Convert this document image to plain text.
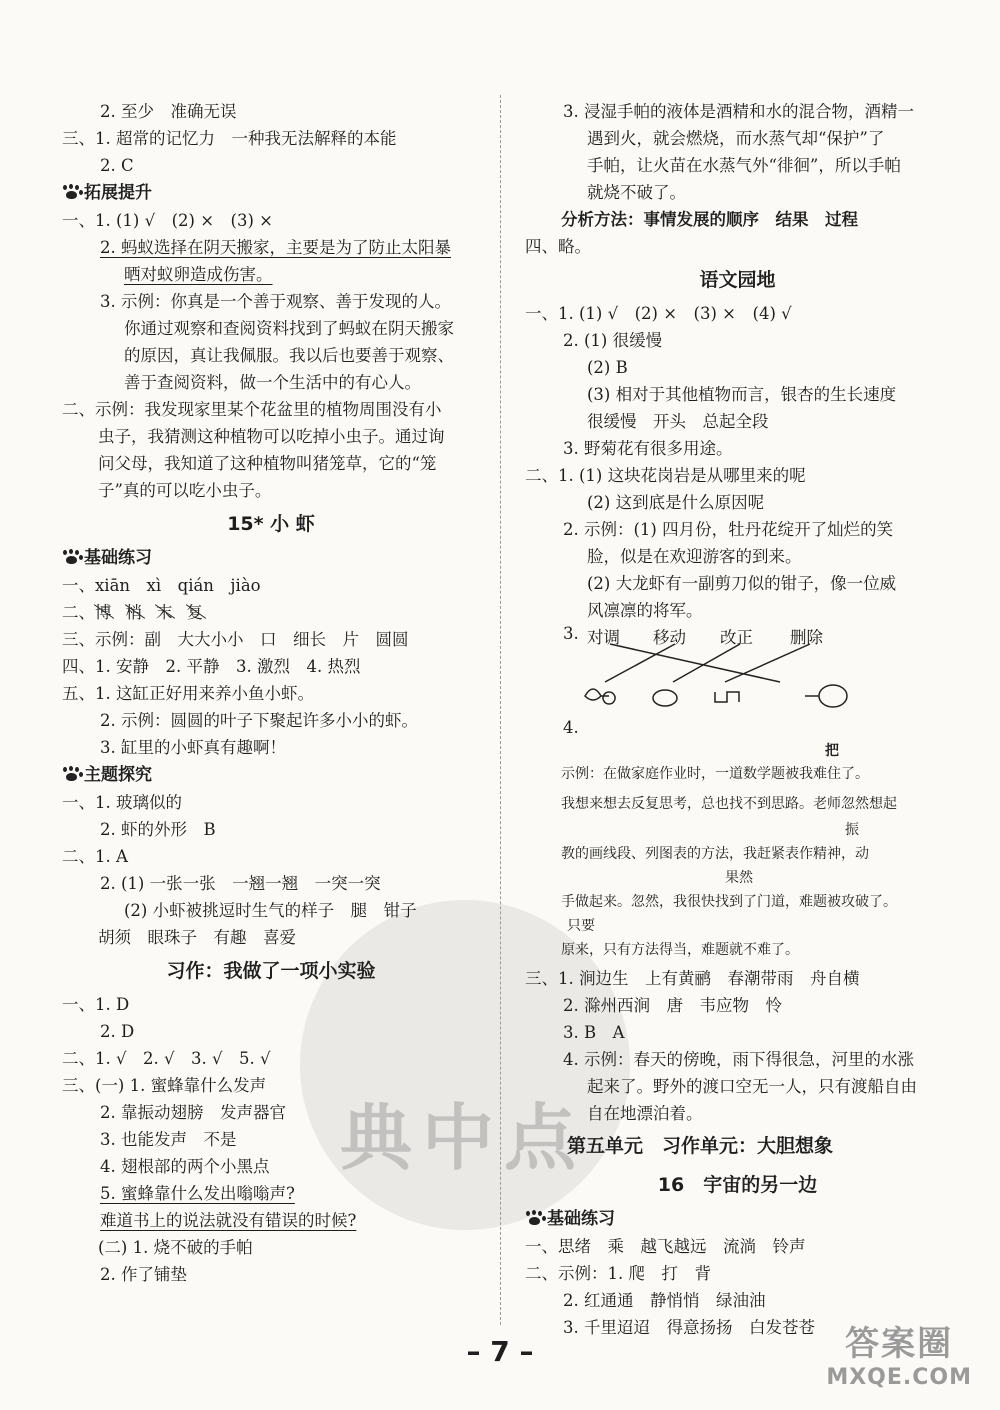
典中点
2. 至少　准确无误
三、1. 超常的记忆力　一种我无法解释的本能
2. C
拓展提升
一、1. (1) √　(2) ×　(3) ×
2. 蚂蚁选择在阴天搬家，主要是为了防止太阳暴
晒对蚁卵造成伤害。
3. 示例：你真是一个善于观察、善于发现的人。
你通过观察和查阅资料找到了蚂蚁在阴天搬家
的原因，真让我佩服。我以后也要善于观察、
善于查阅资料，做一个生活中的有心人。
二、示例：我发现家里某个花盆里的植物周围没有小
虫子，我猜测这种植物可以吃掉小虫子。通过询
问父母，我知道了这种植物叫猪笼草，它的“笼
子”真的可以吃小虫子。
15* 小 虾
基础练习
一、xiān　xì　qián　jiào
二、博 梢 末 复
三、示例：副　大大小小　口　细长　片　圆圆
四、1. 安静　2. 平静　3. 激烈　4. 热烈
五、1. 这缸正好用来养小鱼小虾。
2. 示例：圆圆的叶子下聚起许多小小的虾。
3. 缸里的小虾真有趣啊！
主题探究
一、1. 玻璃似的
2. 虾的外形　B
二、1. A
2. (1) 一张一张　一翘一翘　一突一突
(2) 小虾被挑逗时生气的样子　腿　钳子
胡须　眼珠子　有趣　喜爱
习作：我做了一项小实验
一、1. D
2. D
二、1. √　2. √　3. √　5. √
三、(一) 1. 蜜蜂靠什么发声
2. 靠振动翅膀　发声器官
3. 也能发声　不是
4. 翅根部的两个小黑点
5. 蜜蜂靠什么发出嗡嗡声?
难道书上的说法就没有错误的时候?
(二) 1. 烧不破的手帕
2. 作了铺垫
3. 浸湿手帕的液体是酒精和水的混合物，酒精一
遇到火，就会燃烧，而水蒸气却“保护”了
手帕，让火苗在水蒸气外“徘徊”，所以手帕
就烧不破了。
分析方法：事情发展的顺序　结果　过程
四、略。
语文园地
一、1. (1) √　(2) ×　(3) ×　(4) √
2. (1) 很缓慢
(2) B
(3) 相对于其他植物而言，银杏的生长速度
很缓慢　开头　总起全段
3. 野菊花有很多用途。
二、1. (1) 这块花岗岩是从哪里来的呢
(2) 这到底是什么原因呢
2. 示例：(1) 四月份，牡丹花绽开了灿烂的笑
脸，似是在欢迎游客的到来。
(2) 大龙虾有一副剪刀似的钳子，像一位威
风凛凛的将军。
3. 对调 移动 改正 删除
4.
把
示例：在做家庭作业时，一道数学题被我难住了。
我想来想去反复思考，总也找不到思路。老师忽然想起
振
教的画线段、列图表的方法，我赶紧表作精神，动
果然
手做起来。忽然，我很快找到了门道，难题被攻破了。
只要
原来，只有方法得当，难题就不难了。
三、1. 涧边生　上有黄鹂　春潮带雨　舟自横
2. 滁州西涧　唐　韦应物　怜
3. B　A
4. 示例：春天的傍晚，雨下得很急，河里的水涨
起来了。野外的渡口空无一人，只有渡船自由
自在地漂泊着。
第五单元　习作单元：大胆想象
16　宇宙的另一边
基础练习
一、思绪　乘　越飞越远　流淌　铃声
二、示例：1. 爬　打　背
2. 红通通　静悄悄　绿油油
3. 千里迢迢　得意扬扬　白发苍苍
– 7 –	答案圈
MXQE.COM
